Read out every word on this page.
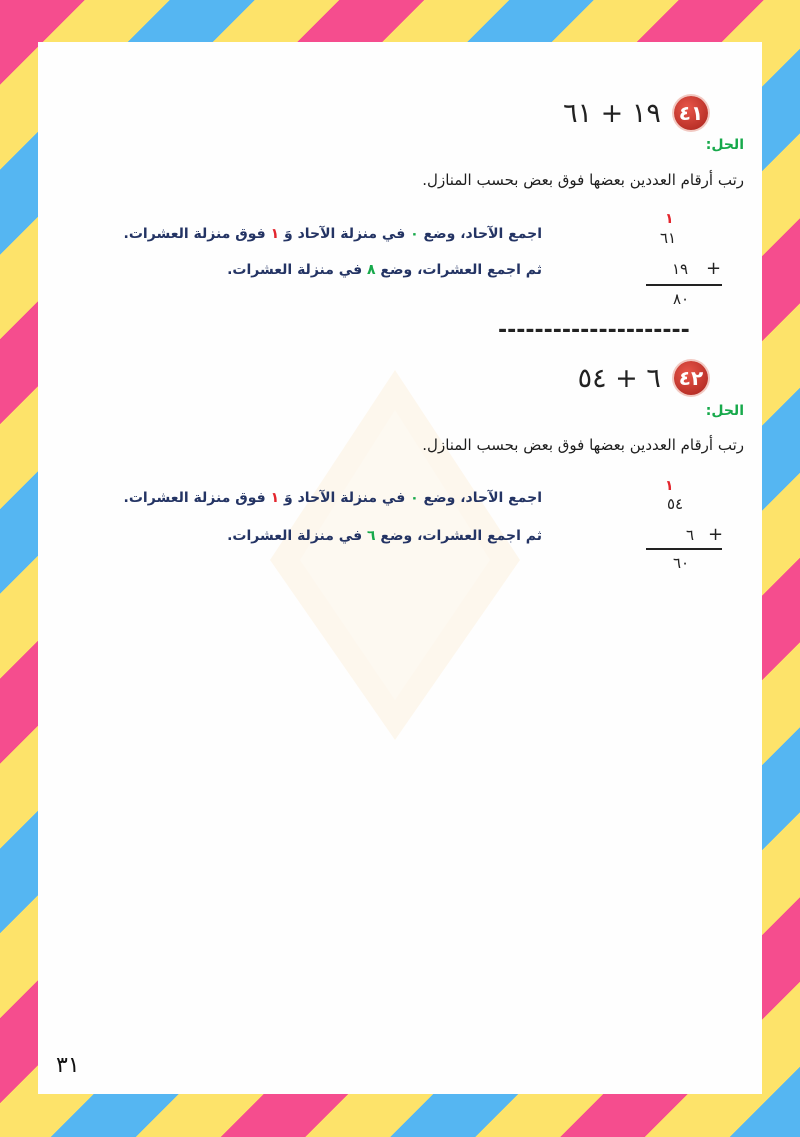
٤١ ١٩ + ٦١
الحل:
رتب أرقام العددين بعضها فوق بعض بحسب المنازل.
١
٦١
١٩ +
٨٠
اجمع الآحاد، وضع ٠ في منزلة الآحاد وَ ١ فوق منزلة العشرات.
ثم اجمع العشرات، وضع ٨ في منزلة العشرات.
---------------------
٤٢ ٦ + ٥٤
الحل:
رتب أرقام العددين بعضها فوق بعض بحسب المنازل.
١
٥٤
٦ +
٦٠
اجمع الآحاد، وضع ٠ في منزلة الآحاد وَ ١ فوق منزلة العشرات.
ثم اجمع العشرات، وضع ٦ في منزلة العشرات.
٣١
